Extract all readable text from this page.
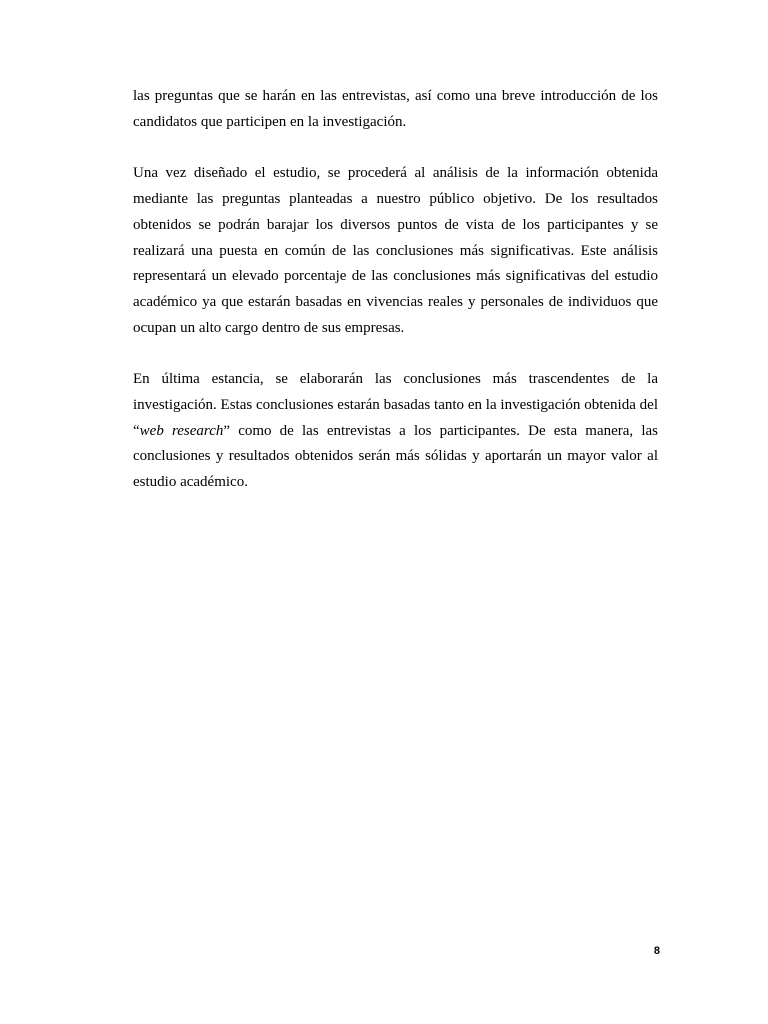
las preguntas que se harán en las entrevistas, así como una breve introducción de los candidatos que participen en la investigación.

Una vez diseñado el estudio, se procederá al análisis de la información obtenida mediante las preguntas planteadas a nuestro público objetivo. De los resultados obtenidos se podrán barajar los diversos puntos de vista de los participantes y se realizará una puesta en común de las conclusiones más significativas. Este análisis representará un elevado porcentaje de las conclusiones más significativas del estudio académico ya que estarán basadas en vivencias reales y personales de individuos que ocupan un alto cargo dentro de sus empresas.

En última estancia, se elaborarán las conclusiones más trascendentes de la investigación. Estas conclusiones estarán basadas tanto en la investigación obtenida del “web research” como de las entrevistas a los participantes. De esta manera, las conclusiones y resultados obtenidos serán más sólidas y aportarán un mayor valor al estudio académico.

8
